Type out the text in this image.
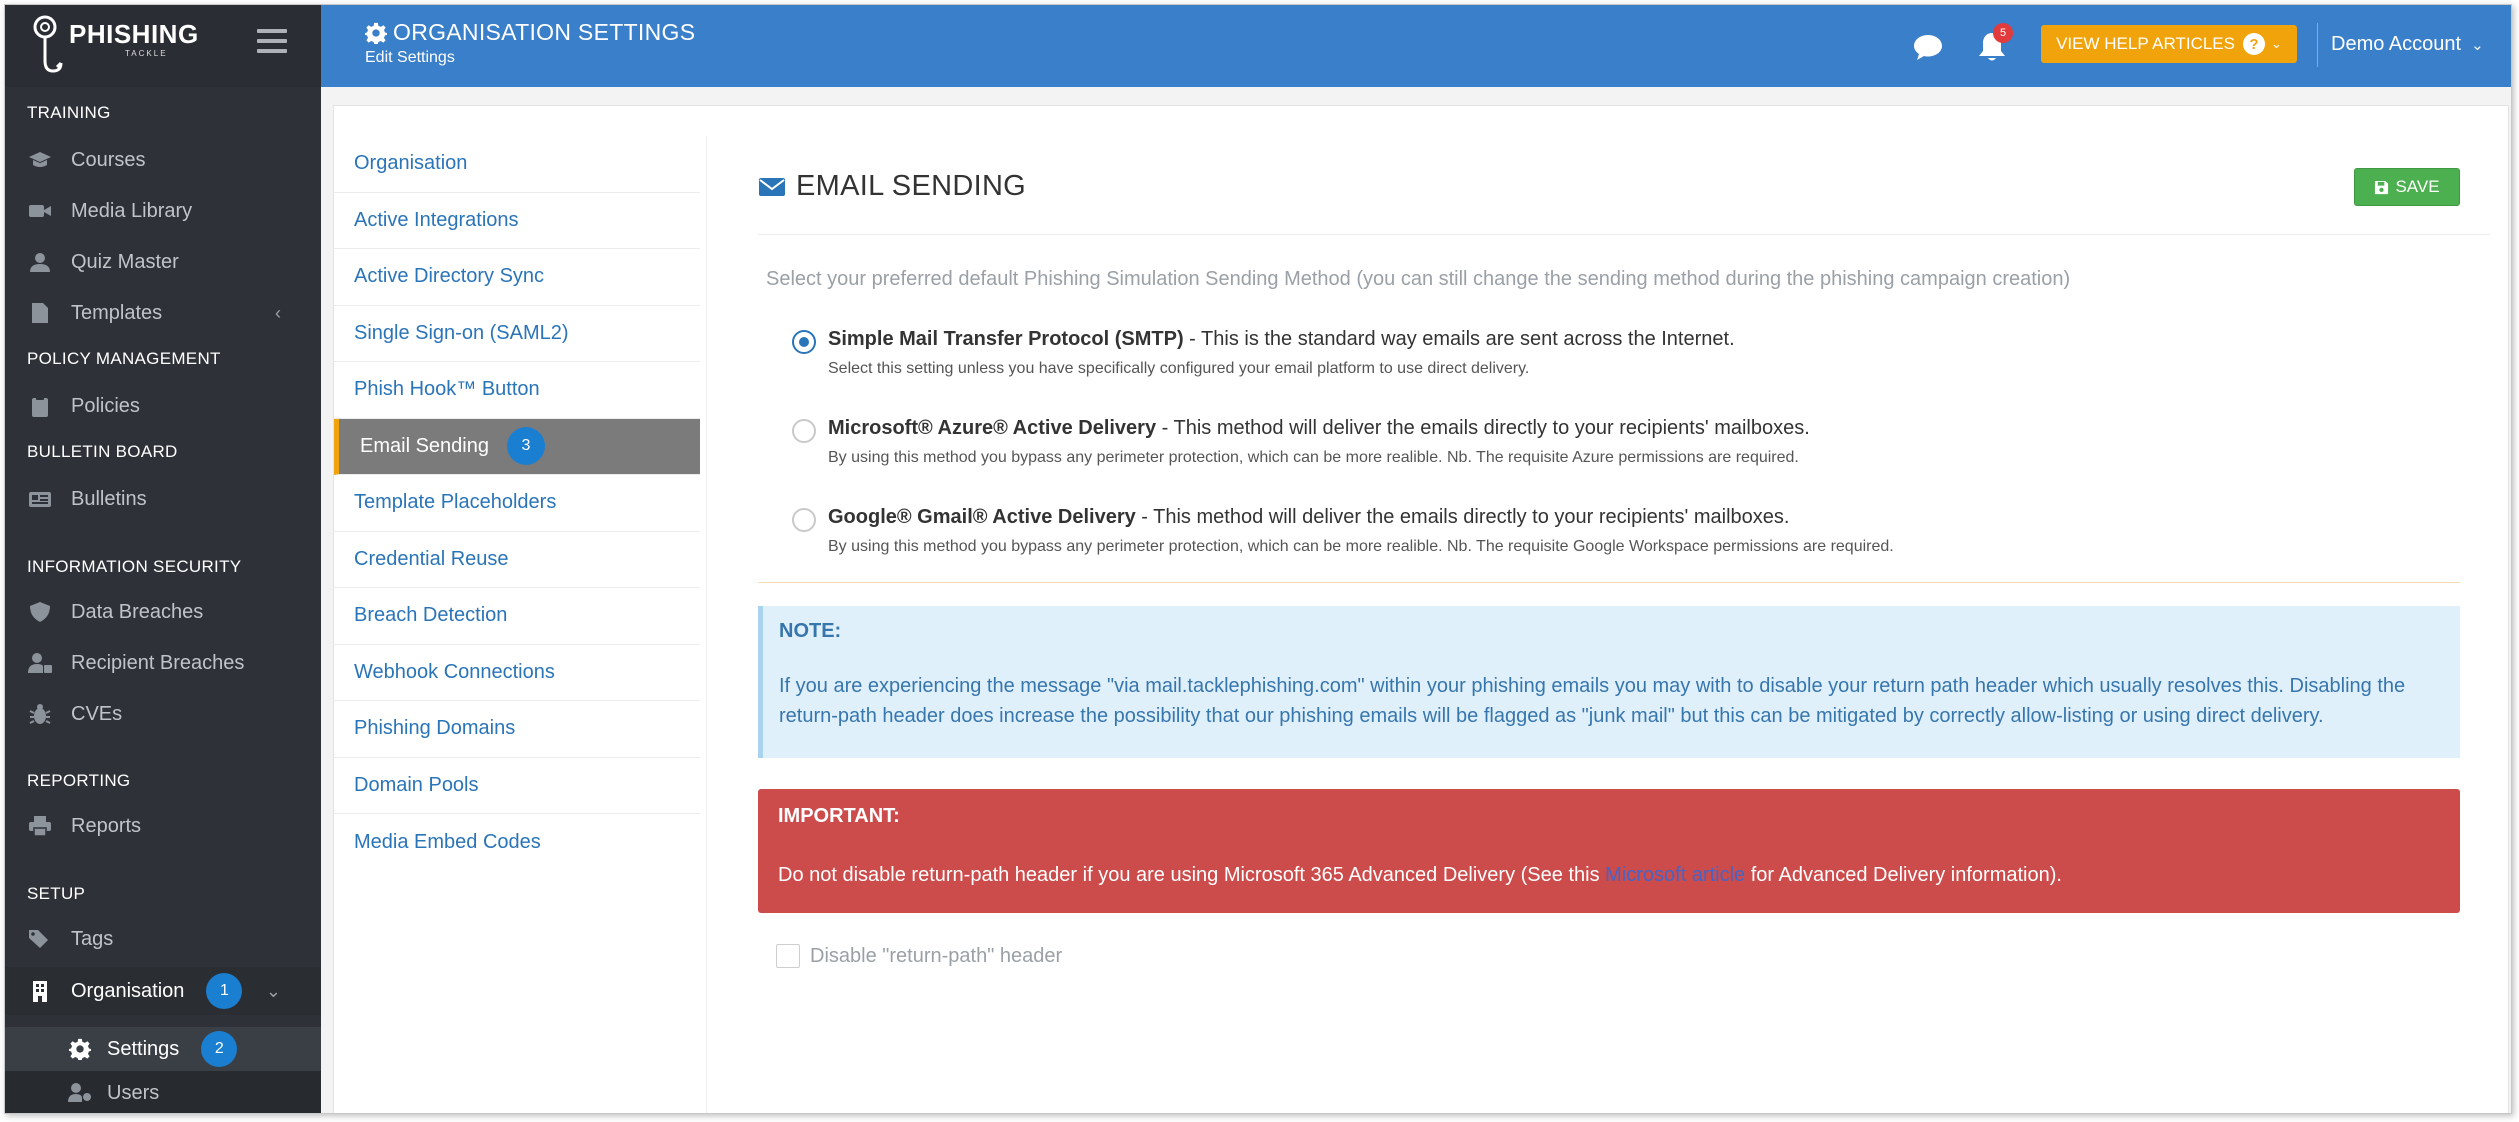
PHISHING
TACKLE
TRAINING
Courses
Media Library
Quiz Master
Templates	‹
POLICY MANAGEMENT
Policies
BULLETIN BOARD
Bulletins
INFORMATION SECURITY
Data Breaches
Recipient Breaches
CVEs
REPORTING
Reports
SETUP
Tags
Organisation	1	⌄
Settings	2
Users
ORGANISATION SETTINGS
Edit Settings
5
VIEW HELP ARTICLES ? ⌄ Demo Account ⌄
Organisation
Active Integrations
Active Directory Sync
Single Sign-on (SAML2)
Phish Hook™ Button
Email Sending	3
Template Placeholders
Credential Reuse
Breach Detection
Webhook Connections
Phishing Domains
Domain Pools
Media Embed Codes
EMAIL SENDING	SAVE
Select your preferred default Phishing Simulation Sending Method (you can still change the sending method during the phishing campaign creation)
Simple Mail Transfer Protocol (SMTP) - This is the standard way emails are sent across the Internet.
Select this setting unless you have specifically configured your email platform to use direct delivery.
Microsoft® Azure® Active Delivery - This method will deliver the emails directly to your recipients' mailboxes.
By using this method you bypass any perimeter protection, which can be more realible. Nb. The requisite Azure permissions are required.
Google® Gmail® Active Delivery - This method will deliver the emails directly to your recipients' mailboxes.
By using this method you bypass any perimeter protection, which can be more realible. Nb. The requisite Google Workspace permissions are required.
NOTE:
If you are experiencing the message "via mail.tacklephishing.com" within your phishing emails you may with to disable your return path header which usually resolves this. Disabling the return-path header does increase the possibility that our phishing emails will be flagged as "junk mail" but this can be mitigated by correctly allow-listing or using direct delivery.
IMPORTANT:
Do not disable return-path header if you are using Microsoft 365 Advanced Delivery (See this Microsoft article for Advanced Delivery information).
Disable "return-path" header
